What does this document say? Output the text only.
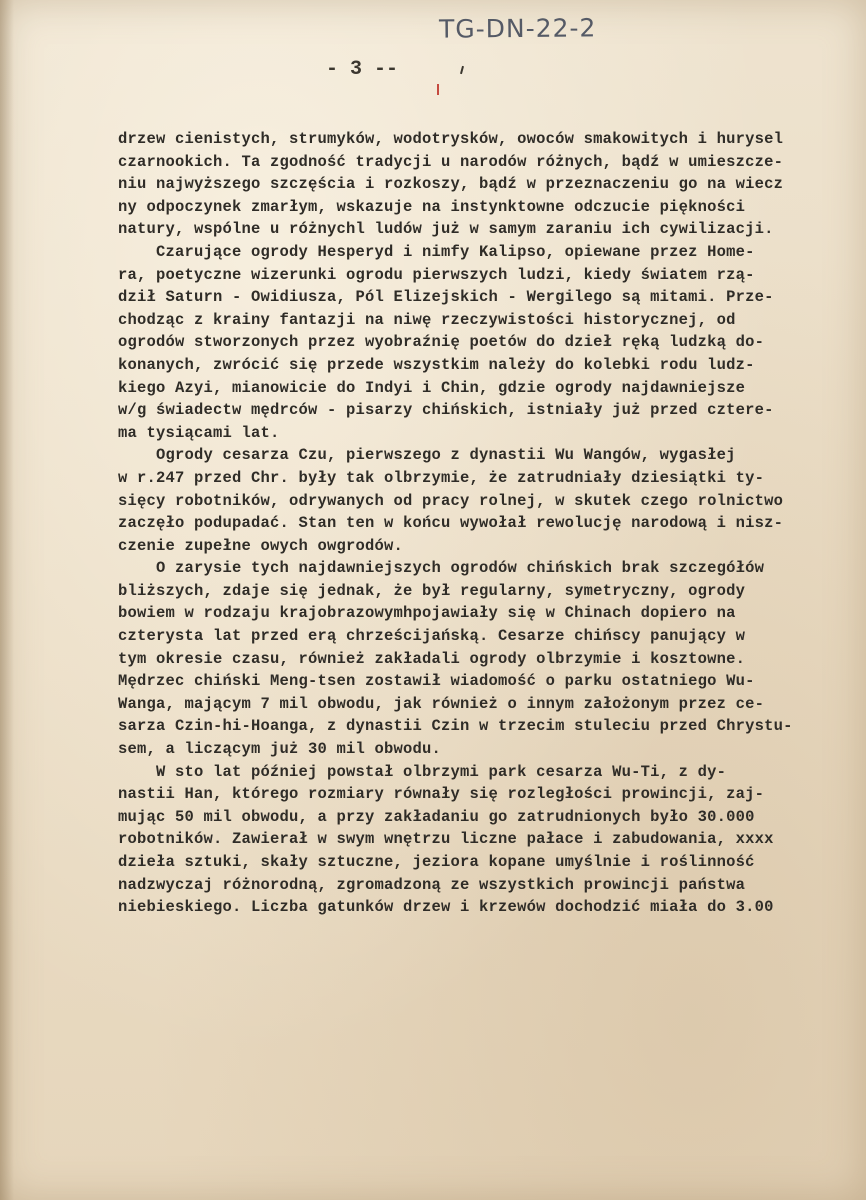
TG-DN-22-2
- 3 --
drzew cienistych, strumyków, wodotrysków, owoców smakowitych i hurysel
czarnookich. Ta zgodność tradycji u narodów różnych, bądź w umieszcze-
niu najwyższego szczęścia i rozkoszy, bądź w przeznaczeniu go na wiecz
ny odpoczynek zmarłym, wskazuje na instynktowne odczucie piękności
natury, wspólne u różnychl ludów już w samym zaraniu ich cywilizacji.
Czarujące ogrody Hesperyd i nimfy Kalipso, opiewane przez Home-
ra, poetyczne wizerunki ogrodu pierwszych ludzi, kiedy światem rzą-
dził Saturn - Owidiusza, Pól Elizejskich - Wergilego są mitami. Prze-
chodząc z krainy fantazji na niwę rzeczywistości historycznej, od
ogrodów stworzonych przez wyobraźnię poetów do dzieł ręką ludzką do-
konanych, zwrócić się przede wszystkim należy do kolebki rodu ludz-
kiego Azyi, mianowicie do Indyi i Chin, gdzie ogrody najdawniejsze
w/g świadectw mędrców - pisarzy chińskich, istniały już przed cztere-
ma tysiącami lat.
Ogrody cesarza Czu, pierwszego z dynastii Wu Wangów, wygasłej
w r.247 przed Chr. były tak olbrzymie, że zatrudniały dziesiątki ty-
sięcy robotników, odrywanych od pracy rolnej, w skutek czego rolnictwo
zaczęło podupadać. Stan ten w końcu wywołał rewolucję narodową i nisz-
czenie zupełne owych owgrodów.
O zarysie tych najdawniejszych ogrodów chińskich brak szczegółów
bliższych, zdaje się jednak, że był regularny, symetryczny, ogrody
bowiem w rodzaju krajobrazowymhpojawiały się w Chinach dopiero na
czterysta lat przed erą chrześcijańską. Cesarze chińscy panujący w
tym okresie czasu, również zakładali ogrody olbrzymie i kosztowne.
Mędrzec chiński Meng-tsen zostawił wiadomość o parku ostatniego Wu-
Wanga, mającym 7 mil obwodu, jak również o innym założonym przez ce-
sarza Czin-hi-Hoanga, z dynastii Czin w trzecim stuleciu przed Chrystu-
sem, a liczącym już 30 mil obwodu.
W sto lat później powstał olbrzymi park cesarza Wu-Ti, z dy-
nastii Han, którego rozmiary równały się rozległości prowincji, zaj-
mując 50 mil obwodu, a przy zakładaniu go zatrudnionych było 30.000
robotników. Zawierał w swym wnętrzu liczne pałace i zabudowania, xxxx
dzieła sztuki, skały sztuczne, jeziora kopane umyślnie i roślinność
nadzwyczaj różnorodną, zgromadzoną ze wszystkich prowincji państwa
niebieskiego. Liczba gatunków drzew i krzewów dochodzić miała do 3.00
